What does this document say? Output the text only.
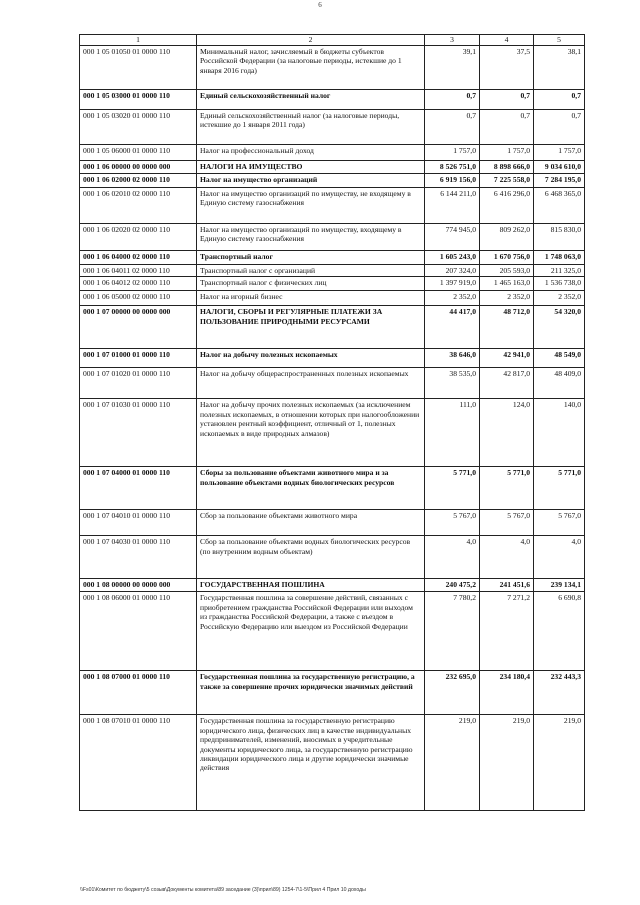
6
1	2	3	4	5
000 1 05 01050 01 0000 110	Минимальный налог, зачисляемый в бюджеты субъектов Российской Федерации (за налоговые периоды, истекшие до 1 января 2016 года)	39,1	37,5	38,1
000 1 05 03000 01 0000 110	Единый сельскохозяйственный налог	0,7	0,7	0,7
000 1 05 03020 01 0000 110	Единый сельскохозяйственный налог (за налоговые периоды, истекшие до 1 января 2011 года)	0,7	0,7	0,7
000 1 05 06000 01 0000 110	Налог на профессиональный доход	1 757,0	1 757,0	1 757,0
000 1 06 00000 00 0000 000	НАЛОГИ НА ИМУЩЕСТВО	8 526 751,0	8 898 666,0	9 034 610,0
000 1 06 02000 02 0000 110	Налог на имущество организаций	6 919 156,0	7 225 558,0	7 284 195,0
000 1 06 02010 02 0000 110	Налог на имущество организаций по имуществу, не входящему в Единую систему газоснабжения	6 144 211,0	6 416 296,0	6 468 365,0
000 1 06 02020 02 0000 110	Налог на имущество организаций по имуществу, входящему в Единую систему газоснабжения	774 945,0	809 262,0	815 830,0
000 1 06 04000 02 0000 110	Транспортный налог	1 605 243,0	1 670 756,0	1 748 063,0
000 1 06 04011 02 0000 110	Транспортный налог с организаций	207 324,0	205 593,0	211 325,0
000 1 06 04012 02 0000 110	Транспортный налог с физических лиц	1 397 919,0	1 465 163,0	1 536 738,0
000 1 06 05000 02 0000 110	Налог на игорный бизнес	2 352,0	2 352,0	2 352,0
000 1 07 00000 00 0000 000	НАЛОГИ, СБОРЫ И РЕГУЛЯРНЫЕ ПЛАТЕЖИ ЗА ПОЛЬЗОВАНИЕ ПРИРОДНЫМИ РЕСУРСАМИ	44 417,0	48 712,0	54 320,0
000 1 07 01000 01 0000 110	Налог на добычу полезных ископаемых	38 646,0	42 941,0	48 549,0
000 1 07 01020 01 0000 110	Налог на добычу общераспространенных полезных ископаемых	38 535,0	42 817,0	48 409,0
000 1 07 01030 01 0000 110	Налог на добычу прочих полезных ископаемых (за исключением полезных ископаемых, в отношении которых при налогообложении установлен рентный коэффициент, отличный от 1, полезных ископаемых в виде природных алмазов)	111,0	124,0	140,0
000 1 07 04000 01 0000 110	Сборы за пользование объектами животного мира и за пользование объектами водных биологических ресурсов	5 771,0	5 771,0	5 771,0
000 1 07 04010 01 0000 110	Сбор за пользование объектами животного мира	5 767,0	5 767,0	5 767,0
000 1 07 04030 01 0000 110	Сбор за пользование объектами водных биологических ресурсов (по внутренним водным объектам)	4,0	4,0	4,0
000 1 08 00000 00 0000 000	ГОСУДАРСТВЕННАЯ ПОШЛИНА	240 475,2	241 451,6	239 134,1
000 1 08 06000 01 0000 110	Государственная пошлина за совершение действий, связанных с приобретением гражданства Российской Федерации или выходом из гражданства Российской Федерации, а также с въездом в Российскую Федерацию или выездом из Российской Федерации	7 780,2	7 271,2	6 690,8
000 1 08 07000 01 0000 110	Государственная пошлина за государственную регистрацию, а также за совершение прочих юридически значимых действий	232 695,0	234 180,4	232 443,3
000 1 08 07010 01 0000 110	Государственная пошлина за государственную регистрацию юридического лица, физических лиц в качестве индивидуальных предпринимателей, изменений, вносимых в учредительные документы юридического лица, за государственную регистрацию ликвидации юридического лица и другие юридически значимые действия	219,0	219,0	219,0
\\Fs01\Комитет по бюджету\5 созыв\Документы комитета\89 заседание (3)\прил\89) 1254-7\1-5\Прил 4 Прил 10 доходы
